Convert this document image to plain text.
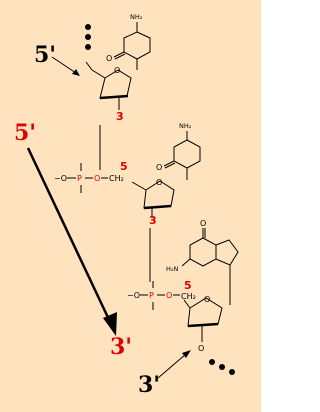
5'
NH₂
O
O
3
−O P O CH₂
5
NH₂
O
O
3
−O P O CH₂
5
O
H₂N
O
O
3'
5'
3'
